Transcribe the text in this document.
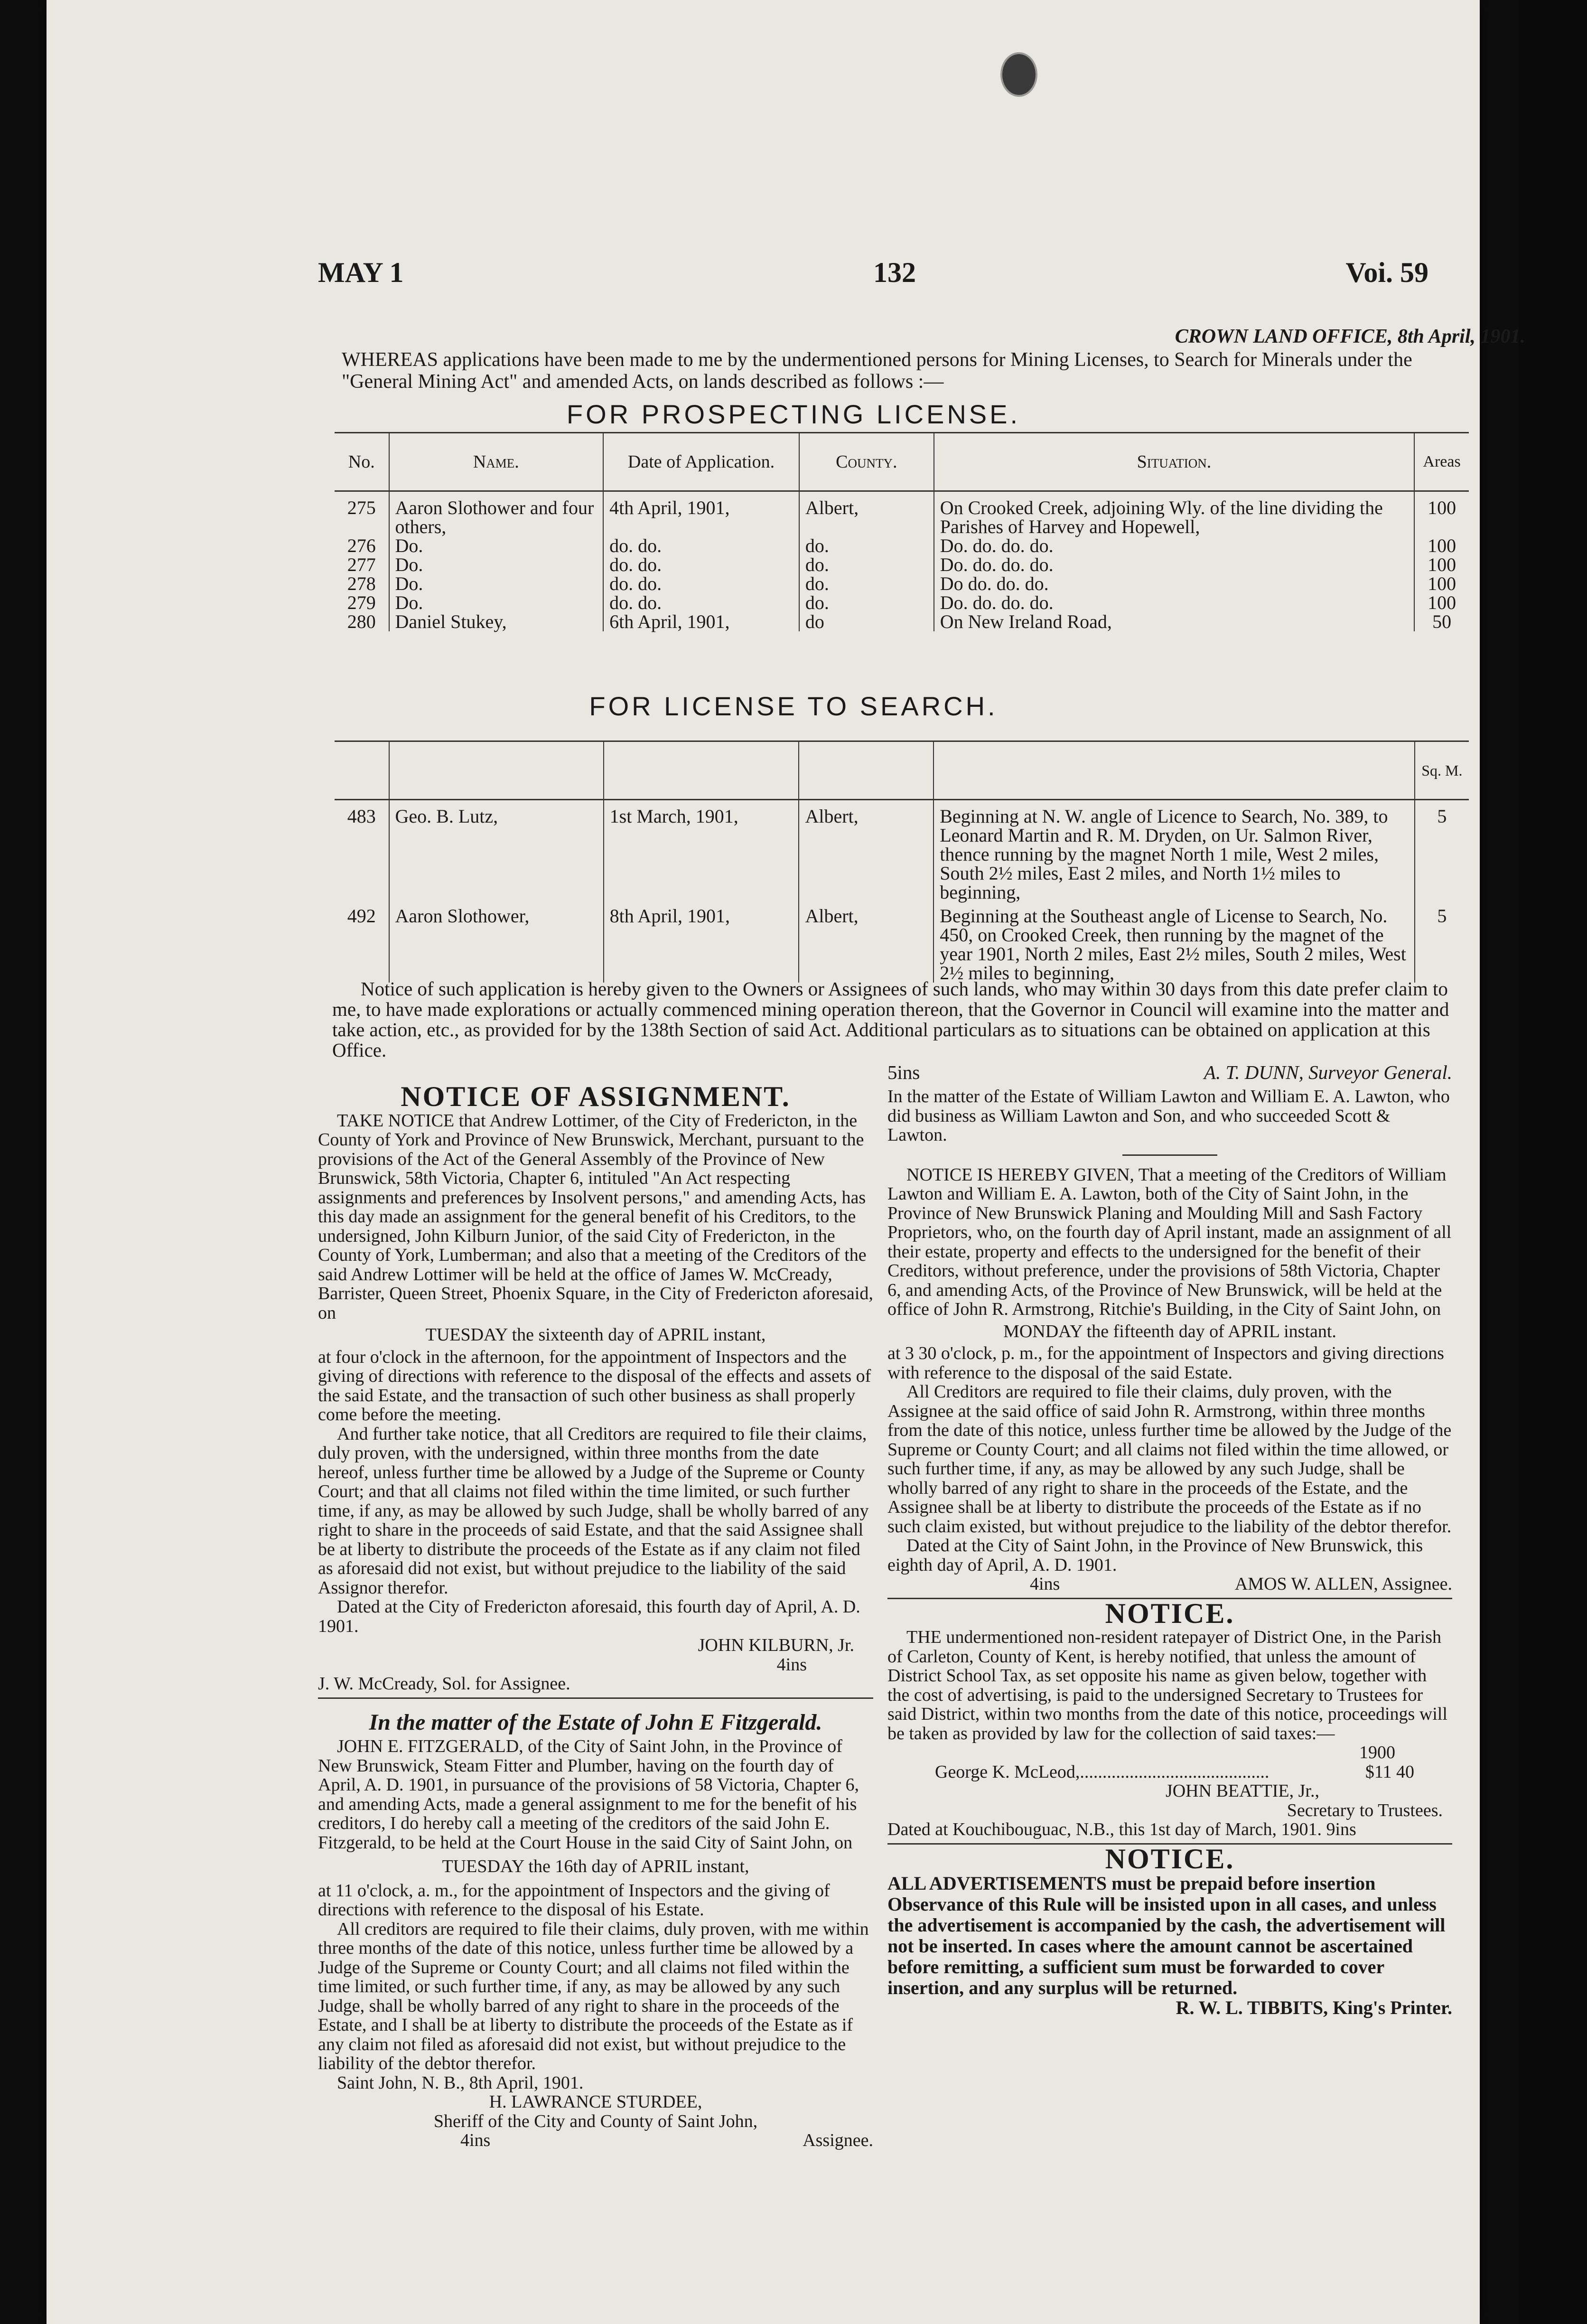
MAY 1	132	Voi. 59
CROWN LAND OFFICE, 8th April, 1901.
WHEREAS applications have been made to me by the undermentioned persons for Mining Licenses, to Search for Minerals under the "General Mining Act" and amended Acts, on lands described as follows :—
FOR PROSPECTING LICENSE.
No.	Name.	Date of Application.	County.	Situation.	Areas
275	Aaron Slothower and four others,	4th April, 1901,	Albert,	On Crooked Creek, adjoining Wly. of the line dividing the Parishes of Harvey and Hopewell,	100
276	Do.	do. do.	do.	Do. do. do. do.	100
277	Do.	do. do.	do.	Do. do. do. do.	100
278	Do.	do. do.	do.	Do do. do. do.	100
279	Do.	do. do.	do.	Do. do. do. do.	100
280	Daniel Stukey,	6th April, 1901,	do	On New Ireland Road,	50
FOR LICENSE TO SEARCH.
					Sq. M.
483	Geo. B. Lutz,	1st March, 1901,	Albert,	Beginning at N. W. angle of Licence to Search, No. 389, to Leonard Martin and R. M. Dryden, on Ur. Salmon River, thence running by the magnet North 1 mile, West 2 miles, South 2½ miles, East 2 miles, and North 1½ miles to beginning,	5
492	Aaron Slothower,	8th April, 1901,	Albert,	Beginning at the Southeast angle of License to Search, No. 450, on Crooked Creek, then running by the magnet of the year 1901, North 2 miles, East 2½ miles, South 2 miles, West 2½ miles to beginning,	5
Notice of such application is hereby given to the Owners or Assignees of such lands, who may within 30 days from this date prefer claim to me, to have made explorations or actually commenced mining operation thereon, that the Governor in Council will examine into the matter and take action, etc., as provided for by the 138th Section of said Act. Additional particulars as to situations can be obtained on application at this Office.
5ins	A. T. DUNN, Surveyor General.
NOTICE OF ASSIGNMENT.

TAKE NOTICE that Andrew Lottimer, of the City of Fredericton, in the County of York and Province of New Brunswick, Merchant, pursuant to the provisions of the Act of the General Assembly of the Province of New Brunswick, 58th Victoria, Chapter 6, intituled "An Act respecting assignments and preferences by Insolvent persons," and amending Acts, has this day made an assignment for the general benefit of his Creditors, to the undersigned, John Kilburn Junior, of the said City of Fredericton, in the County of York, Lumberman; and also that a meeting of the Creditors of the said Andrew Lottimer will be held at the office of James W. McCready, Barrister, Queen Street, Phoenix Square, in the City of Fredericton aforesaid, on

TUESDAY the sixteenth day of APRIL instant,

at four o'clock in the afternoon, for the appointment of Inspectors and the giving of directions with reference to the disposal of the effects and assets of the said Estate, and the transaction of such other business as shall properly come before the meeting.

And further take notice, that all Creditors are required to file their claims, duly proven, with the undersigned, within three months from the date hereof, unless further time be allowed by a Judge of the Supreme or County Court; and that all claims not filed within the time limited, or such further time, if any, as may be allowed by such Judge, shall be wholly barred of any right to share in the proceeds of said Estate, and that the said Assignee shall be at liberty to distribute the proceeds of the Estate as if any claim not filed as aforesaid did not exist, but without prejudice to the liability of the said Assignor therefor.

Dated at the City of Fredericton aforesaid, this fourth day of April, A. D. 1901.

JOHN KILBURN, Jr.
4ins
J. W. McCready, Sol. for Assignee.
In the matter of the Estate of John E Fitzgerald.

JOHN E. FITZGERALD, of the City of Saint John, in the Province of New Brunswick, Steam Fitter and Plumber, having on the fourth day of April, A. D. 1901, in pursuance of the provisions of 58 Victoria, Chapter 6, and amending Acts, made a general assignment to me for the benefit of his creditors, I do hereby call a meeting of the creditors of the said John E. Fitzgerald, to be held at the Court House in the said City of Saint John, on

TUESDAY the 16th day of APRIL instant,

at 11 o'clock, a. m., for the appointment of Inspectors and the giving of directions with reference to the disposal of his Estate.

All creditors are required to file their claims, duly proven, with me within three months of the date of this notice, unless further time be allowed by a Judge of the Supreme or County Court; and all claims not filed within the time limited, or such further time, if any, as may be allowed by any such Judge, shall be wholly barred of any right to share in the proceeds of the Estate, and I shall be at liberty to distribute the proceeds of the Estate as if any claim not filed as aforesaid did not exist, but without prejudice to the liability of the debtor therefor.

Saint John, N. B., 8th April, 1901.

H. LAWRANCE STURDEE,
Sheriff of the City and County of Saint John,
4ins	Assignee.

In the matter of the Estate of William Lawton and William E. A. Lawton, who did business as William Lawton and Son, and who succeeded Scott & Lawton.

NOTICE IS HEREBY GIVEN, That a meeting of the Creditors of William Lawton and William E. A. Lawton, both of the City of Saint John, in the Province of New Brunswick Planing and Moulding Mill and Sash Factory Proprietors, who, on the fourth day of April instant, made an assignment of all their estate, property and effects to the undersigned for the benefit of their Creditors, without preference, under the provisions of 58th Victoria, Chapter 6, and amending Acts, of the Province of New Brunswick, will be held at the office of John R. Armstrong, Ritchie's Building, in the City of Saint John, on

MONDAY the fifteenth day of APRIL instant.

at 3 30 o'clock, p. m., for the appointment of Inspectors and giving directions with reference to the disposal of the said Estate.

All Creditors are required to file their claims, duly proven, with the Assignee at the said office of said John R. Armstrong, within three months from the date of this notice, unless further time be allowed by the Judge of the Supreme or County Court; and all claims not filed within the time allowed, or such further time, if any, as may be allowed by any such Judge, shall be wholly barred of any right to share in the proceeds of the Estate, and the Assignee shall be at liberty to distribute the proceeds of the Estate as if no such claim existed, but without prejudice to the liability of the debtor therefor.

Dated at the City of Saint John, in the Province of New Brunswick, this eighth day of April, A. D. 1901.

4ins	AMOS W. ALLEN, Assignee.
NOTICE.

THE undermentioned non-resident ratepayer of District One, in the Parish of Carleton, County of Kent, is hereby notified, that unless the amount of District School Tax, as set opposite his name as given below, together with the cost of advertising, is paid to the undersigned Secretary to Trustees for said District, within two months from the date of this notice, proceedings will be taken as provided by law for the collection of said taxes:—

1900
George K. McLeod,..........................................	$11 40
JOHN BEATTIE, Jr.,
Secretary to Trustees.
Dated at Kouchibouguac, N.B., this 1st day of March, 1901. 9ins
NOTICE.

ALL ADVERTISEMENTS must be prepaid before insertion Observance of this Rule will be insisted upon in all cases, and unless the advertisement is accompanied by the cash, the advertisement will not be inserted. In cases where the amount cannot be ascertained before remitting, a sufficient sum must be forwarded to cover insertion, and any surplus will be returned.

R. W. L. TIBBITS, King's Printer.
